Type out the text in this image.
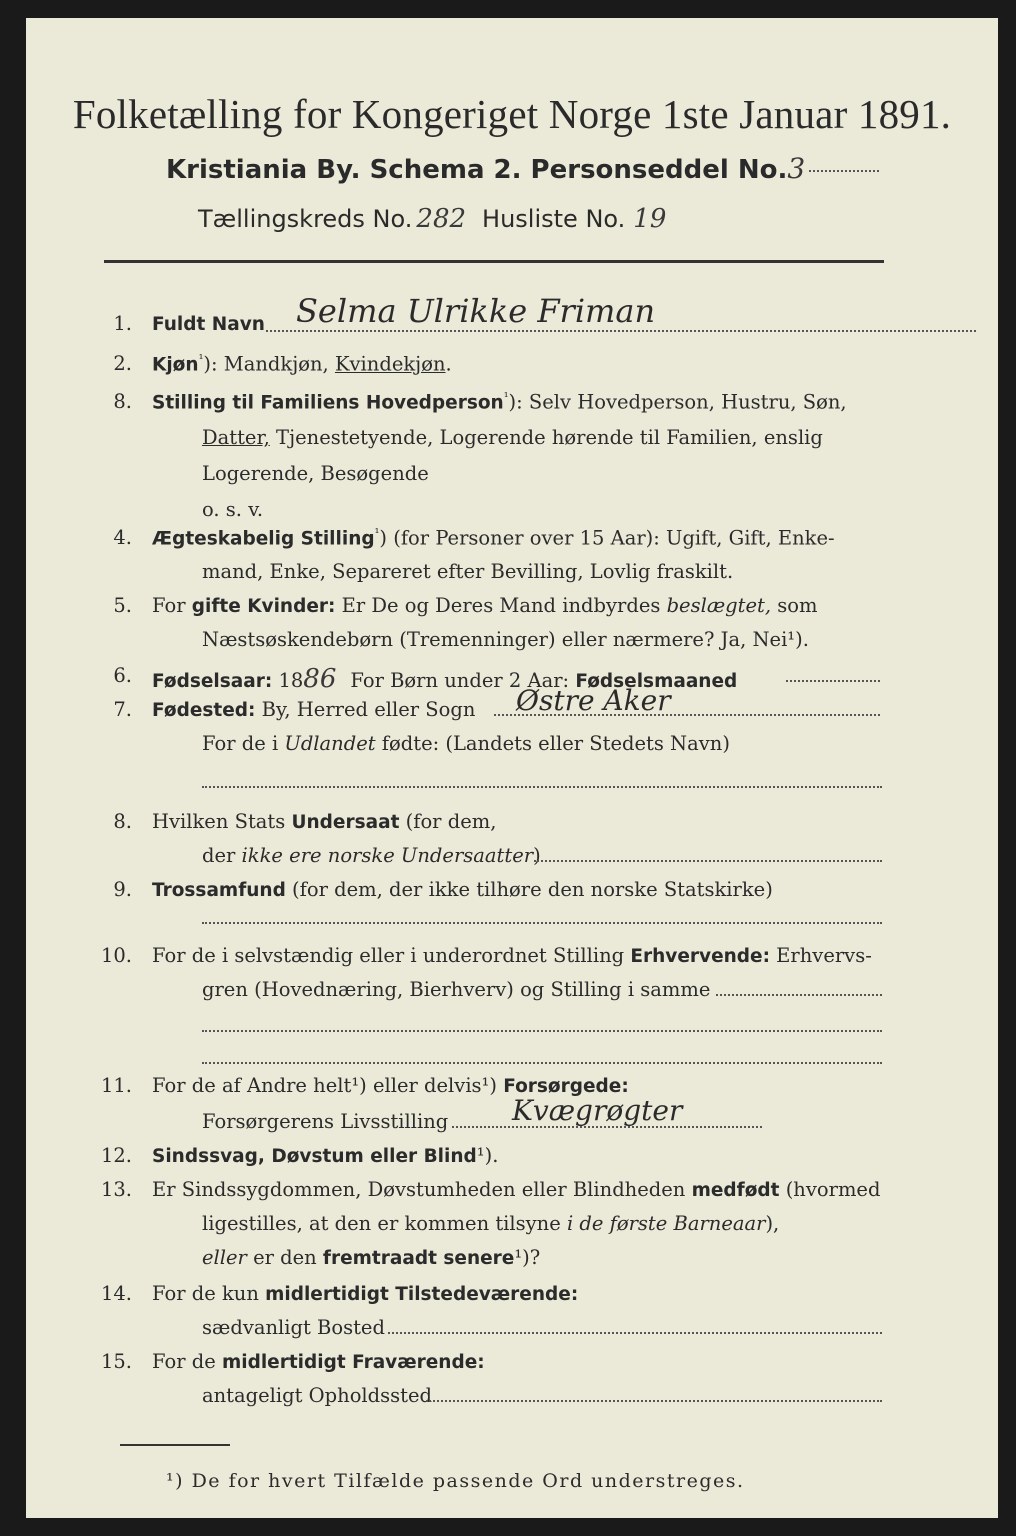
Folketælling for Kongeriget Norge 1ste Januar 1891.
Kristiania By. Schema 2. Personseddel No.3
Tællingskreds No. 282 Husliste No. 19
1. Fuldt Navn Selma Ulrikke Friman
2. Kjøn$^{^1}$): Mandkjøn, Kvindekjøn.
8. Stilling til Familiens Hovedperson$^{^1}$): Selv Hovedperson, Hustru, Søn,
Datter, Tjenestetyende, Logerende hørende til Familien, enslig
Logerende, Besøgende
o. s. v.
4. Ægteskabelig Stilling$^{^1}$) (for Personer over 15 Aar): Ugift, Gift, Enke-
mand, Enke, Separeret efter Bevilling, Lovlig fraskilt.
5. For gifte Kvinder: Er De og Deres Mand indbyrdes beslægtet, som
Næstsøskendebørn (Tremenninger) eller nærmere? Ja, Nei¹).
6. Fødselsaar: 1886 For Børn under 2 Aar: Fødselsmaaned
7. Fødested: By, Herred eller Sogn Østre Aker
For de i Udlandet fødte: (Landets eller Stedets Navn)
8. Hvilken Stats Undersaat (for dem,
der ikke ere norske Undersaatter)
9. Trossamfund (for dem, der ikke tilhøre den norske Statskirke)
10. For de i selvstændig eller i underordnet Stilling Erhvervende: Erhvervs-
gren (Hovednæring, Bierhverv) og Stilling i samme
11. For de af Andre helt¹) eller delvis¹) Forsørgede:
Forsørgerens Livsstilling Kvægrøgter
12. Sindssvag, Døvstum eller Blind¹).
13. Er Sindssygdommen, Døvstumheden eller Blindheden medfødt (hvormed
ligestilles, at den er kommen tilsyne i de første Barneaar),
eller er den fremtraadt senere¹)?
14. For de kun midlertidigt Tilstedeværende:
sædvanligt Bosted
15. For de midlertidigt Fraværende:
antageligt Opholdssted
¹) De for hvert Tilfælde passende Ord understreges.
